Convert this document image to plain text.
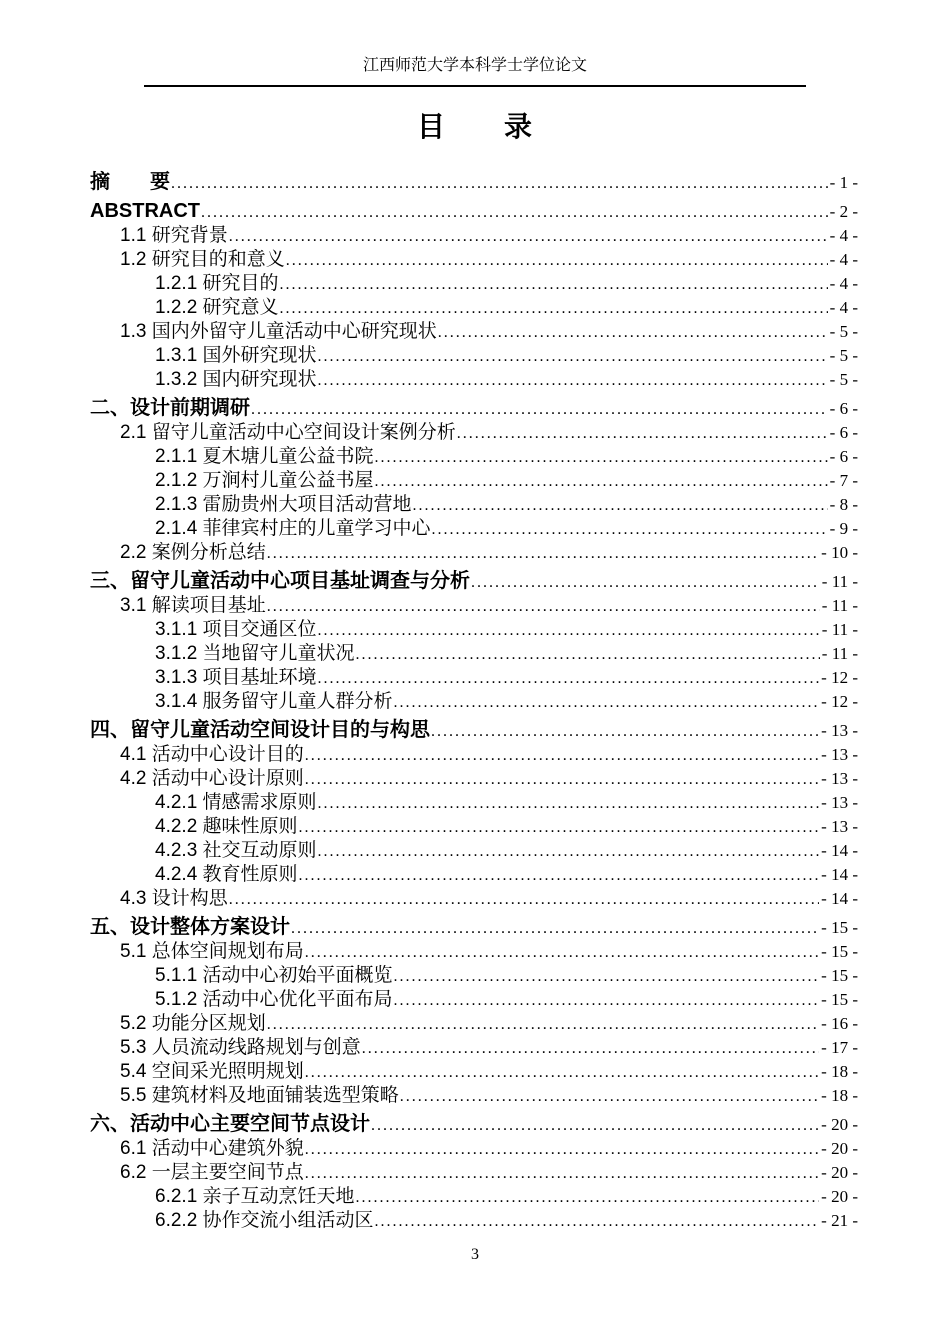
江西师范大学本科学士学位论文
目　　录
摘　　要 .....	- 1 -
ABSTRACT .....	- 2 -
1.1 研究背景 .....	- 4 -
1.2 研究目的和意义 .....	- 4 -
1.2.1 研究目的 .....	- 4 -
1.2.2 研究意义 .....	- 4 -
1.3 国内外留守儿童活动中心研究现状 .....	- 5 -
1.3.1 国外研究现状 .....	- 5 -
1.3.2 国内研究现状 .....	- 5 -
二、设计前期调研 .....	- 6 -
2.1 留守儿童活动中心空间设计案例分析 .....	- 6 -
2.1.1 夏木塘儿童公益书院 .....	- 6 -
2.1.2 万涧村儿童公益书屋 .....	- 7 -
2.1.3 雷励贵州大项目活动营地 .....	- 8 -
2.1.4 菲律宾村庄的儿童学习中心 .....	- 9 -
2.2 案例分析总结 .....	- 10 -
三、留守儿童活动中心项目基址调查与分析 .....	- 11 -
3.1 解读项目基址 .....	- 11 -
3.1.1 项目交通区位 .....	- 11 -
3.1.2 当地留守儿童状况 .....	- 11 -
3.1.3 项目基址环境 .....	- 12 -
3.1.4 服务留守儿童人群分析 .....	- 12 -
四、留守儿童活动空间设计目的与构思 .....	- 13 -
4.1 活动中心设计目的 .....	- 13 -
4.2 活动中心设计原则 .....	- 13 -
4.2.1 情感需求原则 .....	- 13 -
4.2.2 趣味性原则 .....	- 13 -
4.2.3 社交互动原则 .....	- 14 -
4.2.4 教育性原则 .....	- 14 -
4.3 设计构思 .....	- 14 -
五、设计整体方案设计 .....	- 15 -
5.1 总体空间规划布局 .....	- 15 -
5.1.1 活动中心初始平面概览 .....	- 15 -
5.1.2 活动中心优化平面布局 .....	- 15 -
5.2 功能分区规划 .....	- 16 -
5.3 人员流动线路规划与创意 .....	- 17 -
5.4 空间采光照明规划 .....	- 18 -
5.5 建筑材料及地面铺装选型策略 .....	- 18 -
六、活动中心主要空间节点设计 .....	- 20 -
6.1 活动中心建筑外貌 .....	- 20 -
6.2 一层主要空间节点 .....	- 20 -
6.2.1 亲子互动烹饪天地 .....	- 20 -
6.2.2 协作交流小组活动区 .....	- 21 -
3
